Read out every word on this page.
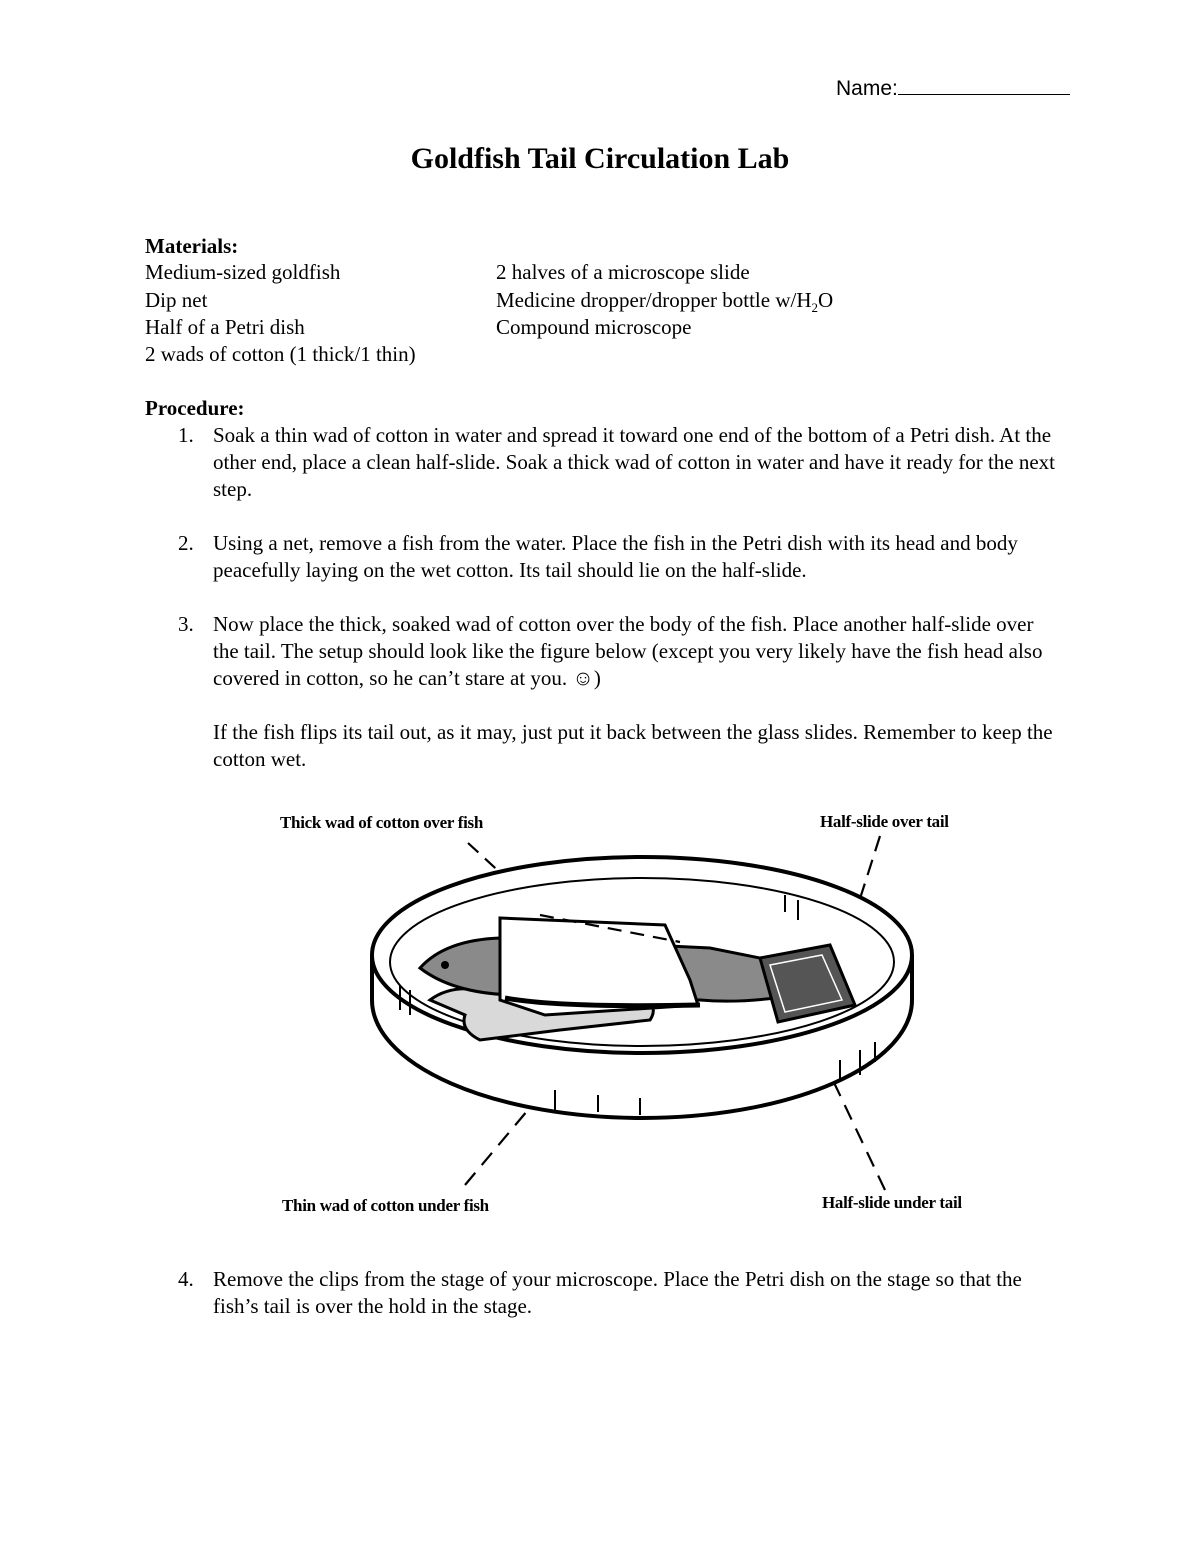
Name:
Goldfish Tail Circulation Lab
Materials:
Medium-sized goldfish
Dip net
Half of a Petri dish
2 wads of cotton (1 thick/1 thin)
2 halves of a microscope slide
Medicine dropper/dropper bottle $w/H_2O$
Compound microscope
Procedure:
1. Soak a thin wad of cotton in water and spread it toward one end of the bottom of a Petri dish. At the other end, place a clean half-slide. Soak a thick wad of cotton in water and have it ready for the next step.
2. Using a net, remove a fish from the water. Place the fish in the Petri dish with its head and body peacefully laying on the wet cotton. Its tail should lie on the half-slide.
3. Now place the thick, soaked wad of cotton over the body of the fish. Place another half-slide over the tail. The setup should look like the figure below (except you very likely have the fish head also covered in cotton, so he can’t stare at you. ☺)
If the fish flips its tail out, as it may, just put it back between the glass slides. Remember to keep the cotton wet.
Thick wad of cotton over fish	Half-slide over tail
Thin wad of cotton under fish	Half-slide under tail
4. Remove the clips from the stage of your microscope. Place the Petri dish on the stage so that the fish’s tail is over the hold in the stage.
